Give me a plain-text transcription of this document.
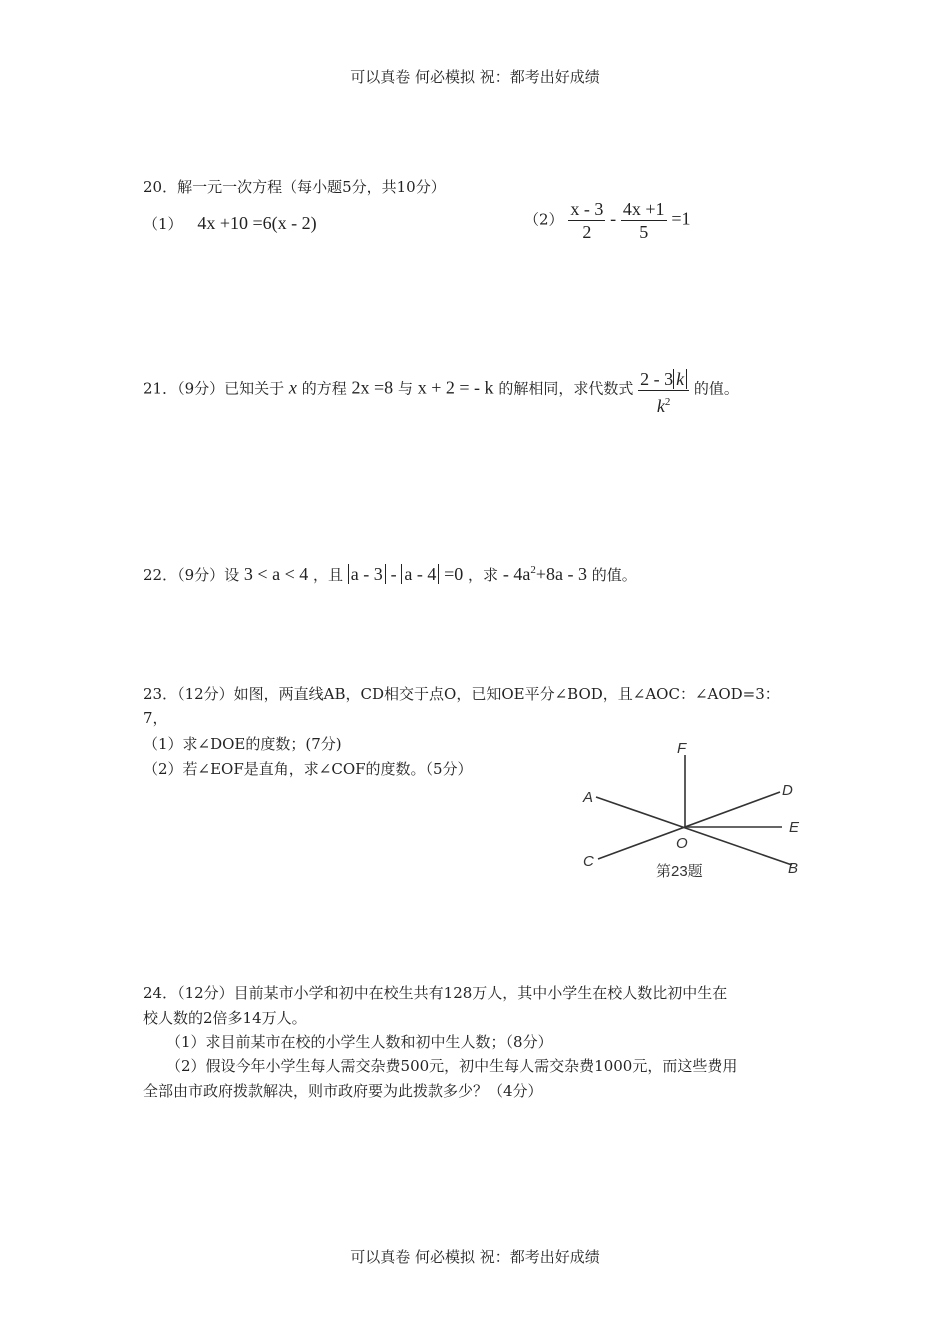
可以真卷 何必模拟 祝：都考出好成绩
可以真卷 何必模拟 祝：都考出好成绩
20．解一元一次方程（每小题5分，共10分）
（1） 4x +10 =6(x - 2)	$(2) \frac{x - 3}{2} - \frac{4x +1}{5} =1$
21．（9分）已知关于 x 的方程 2x =8 与 x + 2 = - k 的解相同，求代数式 $\frac{2 - 3 k}{k^2}$ 的值。
22．（9分）设 3 < a < 4 ，且 a - 3 - a - 4 =0 ，求 - $4a^2+8a - 3$ 的值。
23．（12分）如图，两直线AB，CD相交于点O，已知OE平分∠BOD，且∠AOC：∠AOD=3：
7，
（1）求∠DOE的度数；(7分)
（2）若∠EOF是直角，求∠COF的度数。（5分）
F
A	D
E
O
C	B
第23题
24．（12分）目前某市小学和初中在校生共有128万人，其中小学生在校人数比初中生在
校人数的2倍多14万人。
（1）求目前某市在校的小学生人数和初中生人数；（8分）
（2）假设今年小学生每人需交杂费500元，初中生每人需交杂费1000元，而这些费用
全部由市政府拨款解决，则市政府要为此拨款多少？（4分）
